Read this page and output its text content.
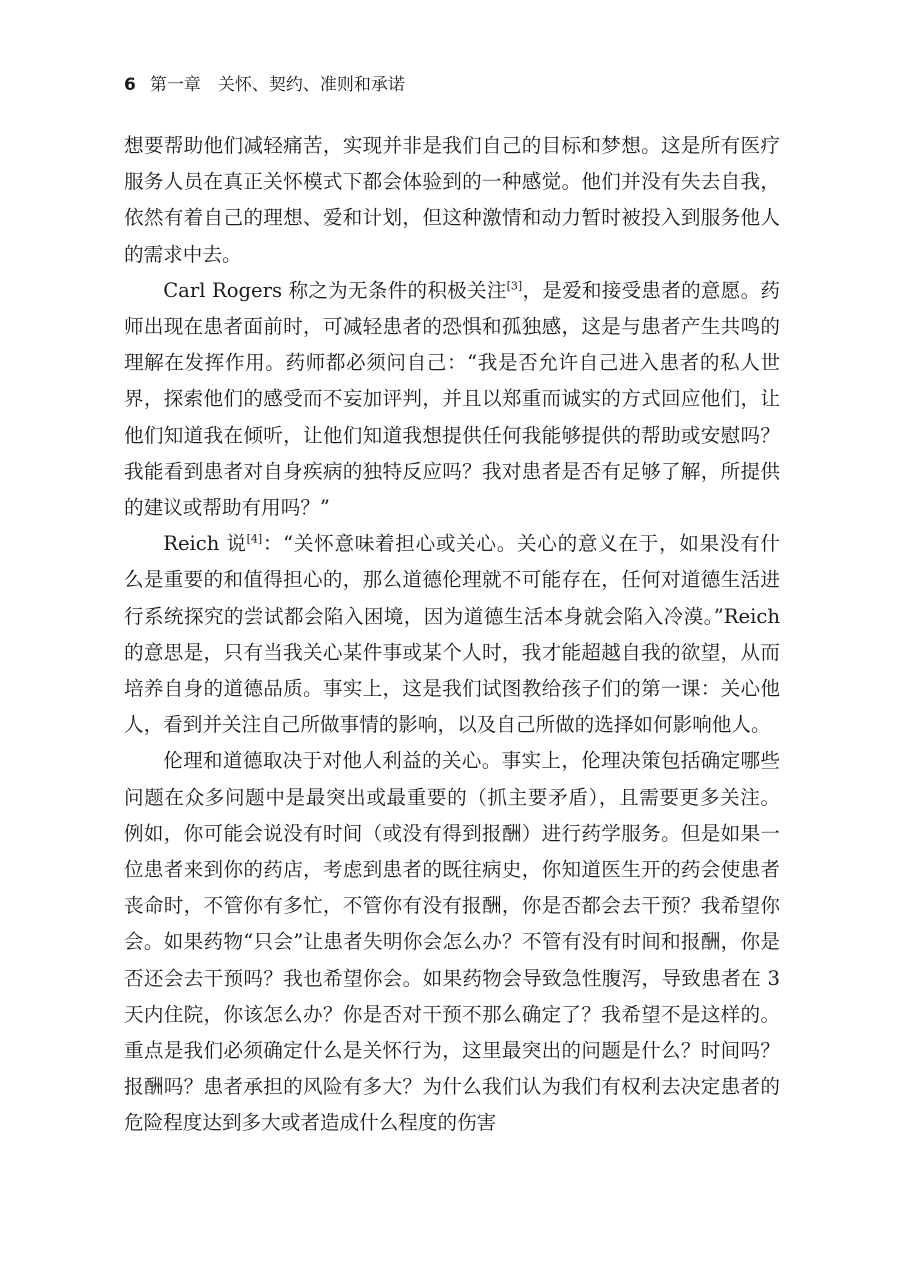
6 第一章　关怀、契约、准则和承诺

想要帮助他们减轻痛苦，实现并非是我们自己的目标和梦想。这是所有医疗服务人员在真正关怀模式下都会体验到的一种感觉。他们并没有失去自我，依然有着自己的理想、爱和计划，但这种激情和动力暂时被投入到服务他人的需求中去。

Carl Rogers 称之为无条件的积极关注[3]，是爱和接受患者的意愿。药师出现在患者面前时，可减轻患者的恐惧和孤独感，这是与患者产生共鸣的理解在发挥作用。药师都必须问自己：“我是否允许自己进入患者的私人世界，探索他们的感受而不妄加评判，并且以郑重而诚实的方式回应他们，让他们知道我在倾听，让他们知道我想提供任何我能够提供的帮助或安慰吗？我能看到患者对自身疾病的独特反应吗？我对患者是否有足够了解，所提供的建议或帮助有用吗？”

Reich 说[4]：“关怀意味着担心或关心。关心的意义在于，如果没有什么是重要的和值得担心的，那么道德伦理就不可能存在，任何对道德生活进行系统探究的尝试都会陷入困境，因为道德生活本身就会陷入冷漠。”Reich 的意思是，只有当我关心某件事或某个人时，我才能超越自我的欲望，从而培养自身的道德品质。事实上，这是我们试图教给孩子们的第一课：关心他人，看到并关注自己所做事情的影响，以及自己所做的选择如何影响他人。

伦理和道德取决于对他人利益的关心。事实上，伦理决策包括确定哪些问题在众多问题中是最突出或最重要的（抓主要矛盾），且需要更多关注。例如，你可能会说没有时间（或没有得到报酬）进行药学服务。但是如果一位患者来到你的药店，考虑到患者的既往病史，你知道医生开的药会使患者丧命时，不管你有多忙，不管你有没有报酬，你是否都会去干预？我希望你会。如果药物“只会”让患者失明你会怎么办？不管有没有时间和报酬，你是否还会去干预吗？我也希望你会。如果药物会导致急性腹泻，导致患者在 3 天内住院，你该怎么办？你是否对干预不那么确定了？我希望不是这样的。重点是我们必须确定什么是关怀行为，这里最突出的问题是什么？时间吗？报酬吗？患者承担的风险有多大？为什么我们认为我们有权利去决定患者的危险程度达到多大或者造成什么程度的伤害
